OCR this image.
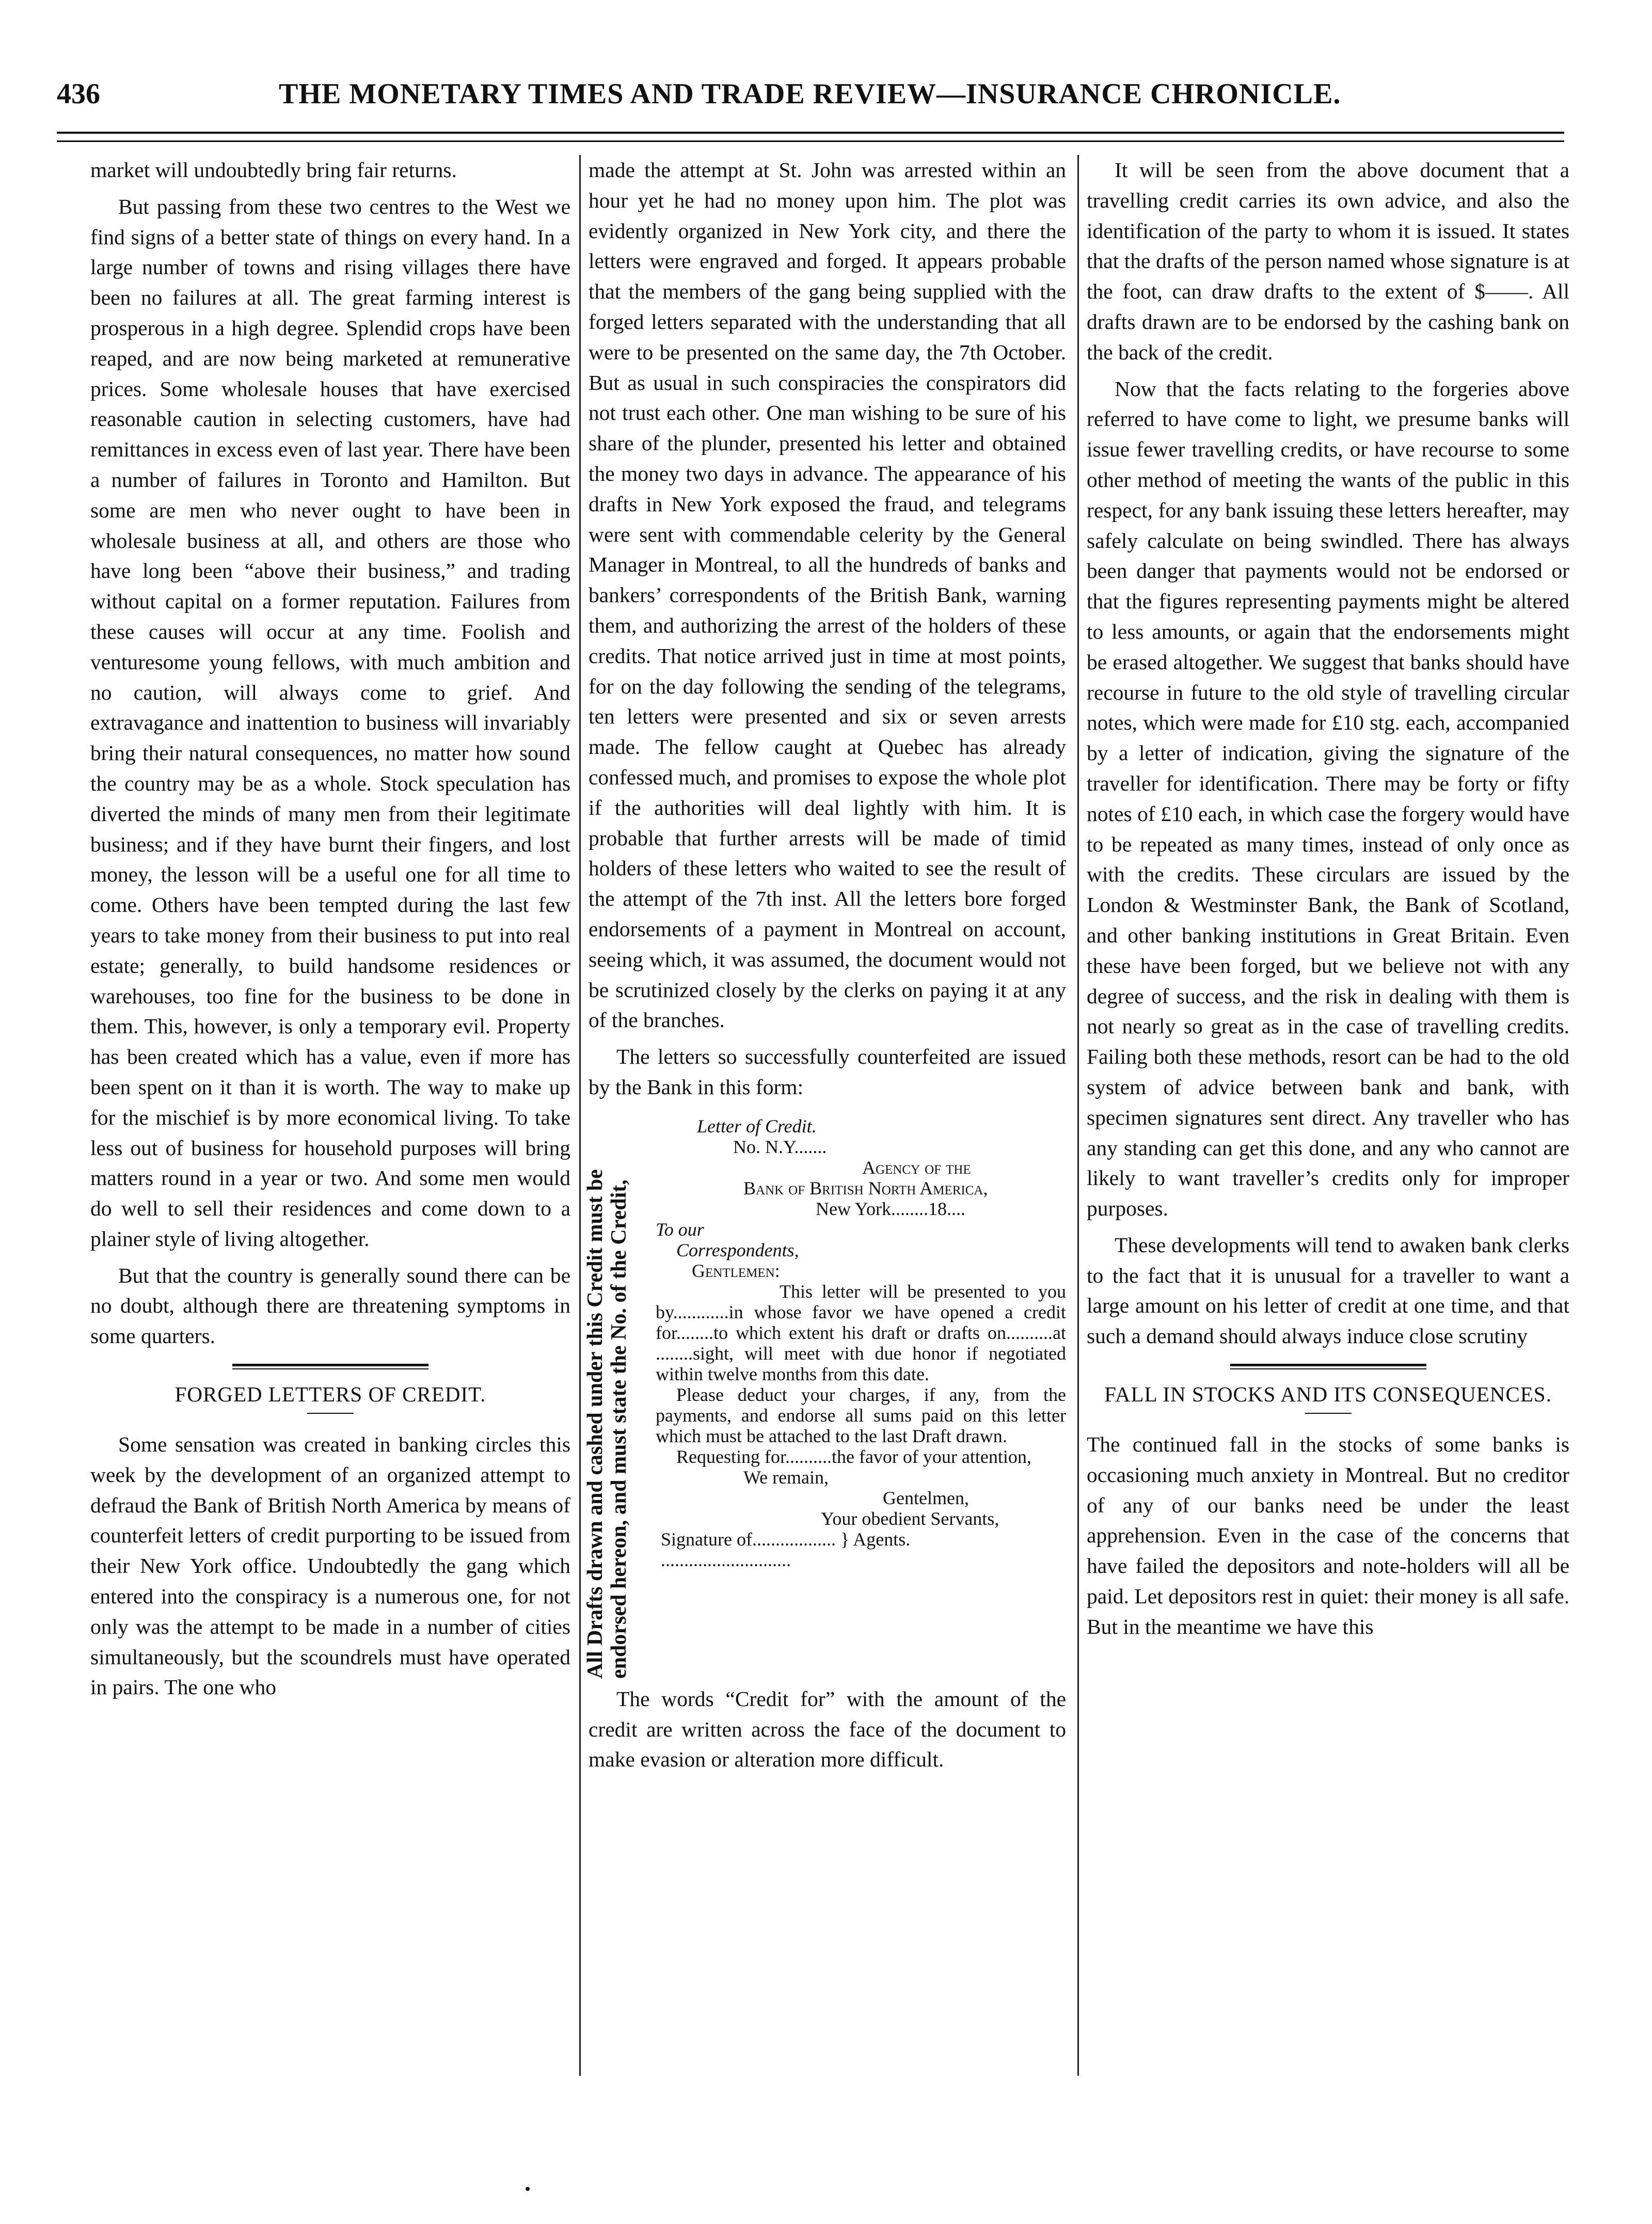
436	THE MONETARY TIMES AND TRADE REVIEW—INSURANCE CHRONICLE.

market will undoubtedly bring fair returns.

But passing from these two centres to the West we find signs of a better state of things on every hand. In a large number of towns and rising villages there have been no failures at all. The great farming interest is prosperous in a high degree. Splendid crops have been reaped, and are now being marketed at remunerative prices. Some wholesale houses that have exercised reasonable caution in selecting customers, have had remittances in excess even of last year. There have been a number of failures in Toronto and Hamilton. But some are men who never ought to have been in wholesale business at all, and others are those who have long been “above their business,” and trading without capital on a former reputation. Failures from these causes will occur at any time. Foolish and venturesome young fellows, with much ambition and no caution, will always come to grief. And extravagance and inattention to business will invariably bring their natural consequences, no matter how sound the country may be as a whole. Stock speculation has diverted the minds of many men from their legitimate business; and if they have burnt their fingers, and lost money, the lesson will be a useful one for all time to come. Others have been tempted during the last few years to take money from their business to put into real estate; generally, to build handsome residences or warehouses, too fine for the business to be done in them. This, however, is only a temporary evil. Property has been created which has a value, even if more has been spent on it than it is worth. The way to make up for the mischief is by more economical living. To take less out of business for household purposes will bring matters round in a year or two. And some men would do well to sell their residences and come down to a plainer style of living altogether.

But that the country is generally sound there can be no doubt, although there are threatening symptoms in some quarters.

FORGED LETTERS OF CREDIT.

Some sensation was created in banking circles this week by the development of an organized attempt to defraud the Bank of British North America by means of counterfeit letters of credit purporting to be issued from their New York office. Undoubtedly the gang which entered into the conspiracy is a numerous one, for not only was the attempt to be made in a number of cities simultaneously, but the scoundrels must have operated in pairs. The one who

made the attempt at St. John was arrested within an hour yet he had no money upon him. The plot was evidently organized in New York city, and there the letters were engraved and forged. It appears probable that the members of the gang being supplied with the forged letters separated with the understanding that all were to be presented on the same day, the 7th October. But as usual in such conspiracies the conspirators did not trust each other. One man wishing to be sure of his share of the plunder, presented his letter and obtained the money two days in advance. The appearance of his drafts in New York exposed the fraud, and telegrams were sent with commendable celerity by the General Manager in Montreal, to all the hundreds of banks and bankers’ correspondents of the British Bank, warning them, and authorizing the arrest of the holders of these credits. That notice arrived just in time at most points, for on the day following the sending of the telegrams, ten letters were presented and six or seven arrests made. The fellow caught at Quebec has already confessed much, and promises to expose the whole plot if the authorities will deal lightly with him. It is probable that further arrests will be made of timid holders of these letters who waited to see the result of the attempt of the 7th inst. All the letters bore forged endorsements of a payment in Montreal on account, seeing which, it was assumed, the document would not be scrutinized closely by the clerks on paying it at any of the branches.

The letters so successfully counterfeited are issued by the Bank in this form:

All Drafts drawn and cashed under this Credit must be endorsed hereon, and must state the No. of the Credit,
Letter of Credit.
No. N.Y.......
Agency of the
Bank of British North America,
New York........18....
To our
Correspondents,
Gentlemen:
This letter will be presented to you by............in whose favor we have opened a credit for........to which extent his draft or drafts on..........at ........sight, will meet with due honor if negotiated within twelve months from this date.
Please deduct your charges, if any, from the payments, and endorse all sums paid on this letter which must be attached to the last Draft drawn.
Requesting for..........the favor of your attention,
We remain,
Gentelmen,
Your obedient Servants,
Signature of.................. } Agents.
............................

The words “Credit for” with the amount of the credit are written across the face of the document to make evasion or alteration more difficult.

It will be seen from the above document that a travelling credit carries its own advice, and also the identification of the party to whom it is issued. It states that the drafts of the person named whose signature is at the foot, can draw drafts to the extent of $——. All drafts drawn are to be endorsed by the cashing bank on the back of the credit.

Now that the facts relating to the forgeries above referred to have come to light, we presume banks will issue fewer travelling credits, or have recourse to some other method of meeting the wants of the public in this respect, for any bank issuing these letters hereafter, may safely calculate on being swindled. There has always been danger that payments would not be endorsed or that the figures representing payments might be altered to less amounts, or again that the endorsements might be erased altogether. We suggest that banks should have recourse in future to the old style of travelling circular notes, which were made for £10 stg. each, accompanied by a letter of indication, giving the signature of the traveller for identification. There may be forty or fifty notes of £10 each, in which case the forgery would have to be repeated as many times, instead of only once as with the credits. These circulars are issued by the London & Westminster Bank, the Bank of Scotland, and other banking institutions in Great Britain. Even these have been forged, but we believe not with any degree of success, and the risk in dealing with them is not nearly so great as in the case of travelling credits. Failing both these methods, resort can be had to the old system of advice between bank and bank, with specimen signatures sent direct. Any traveller who has any standing can get this done, and any who cannot are likely to want traveller’s credits only for improper purposes.

These developments will tend to awaken bank clerks to the fact that it is unusual for a traveller to want a large amount on his letter of credit at one time, and that such a demand should always induce close scrutiny

FALL IN STOCKS AND ITS CONSEQUENCES.

The continued fall in the stocks of some banks is occasioning much anxiety in Montreal. But no creditor of any of our banks need be under the least apprehension. Even in the case of the concerns that have failed the depositors and note-holders will all be paid. Let depositors rest in quiet: their money is all safe. But in the meantime we have this
